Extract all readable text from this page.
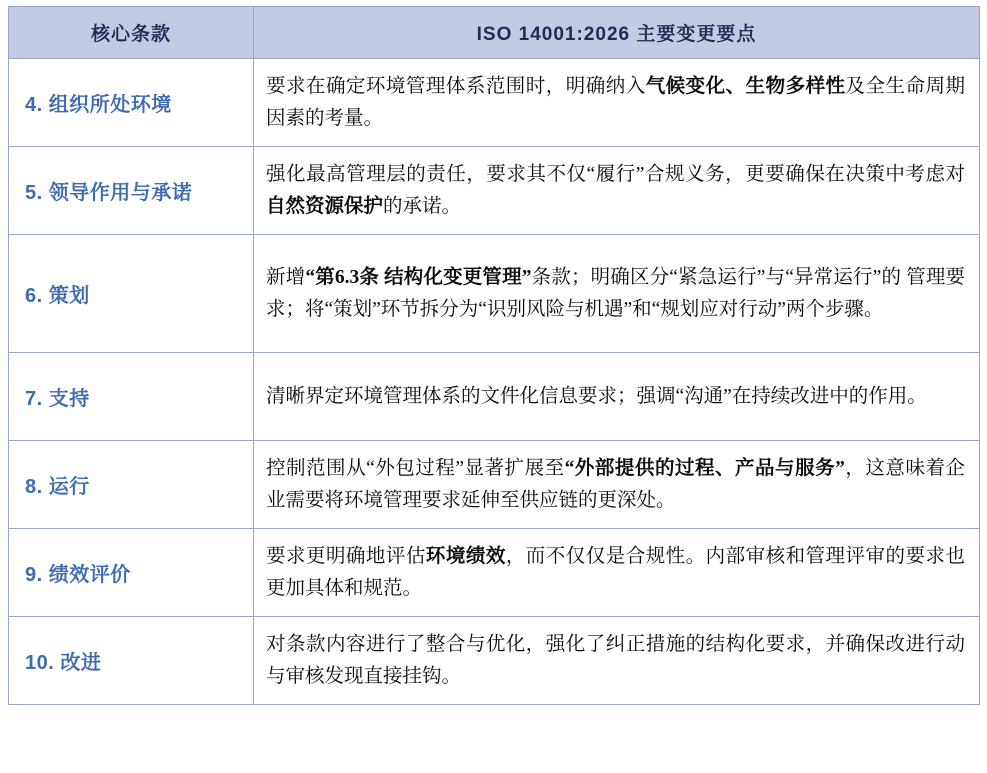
核心条款	ISO 14001:2026 主要变更要点
4. 组织所处环境	要求在确定环境管理体系范围时，明确纳入气候变化、生物多样性及全生命周期因素的考量。
5. 领导作用与承诺	强化最高管理层的责任，要求其不仅“履行”合规义务，更要确保在决策中考虑对自然资源保护的承诺。
6. 策划	新增“第6.3条 结构化变更管理”条款；明确区分“紧急运行”与“异常运行”的 管理要求；将“策划”环节拆分为“识别风险与机遇”和“规划应对行动”两个步骤。
7. 支持	清晰界定环境管理体系的文件化信息要求；强调“沟通”在持续改进中的作用。
8. 运行	控制范围从“外包过程”显著扩展至“外部提供的过程、产品与服务”，这意味着企业需要将环境管理要求延伸至供应链的更深处。
9. 绩效评价	要求更明确地评估环境绩效，而不仅仅是合规性。内部审核和管理评审的要求也更加具体和规范。
10. 改进	对条款内容进行了整合与优化，强化了纠正措施的结构化要求，并确保改进行动与审核发现直接挂钩。
